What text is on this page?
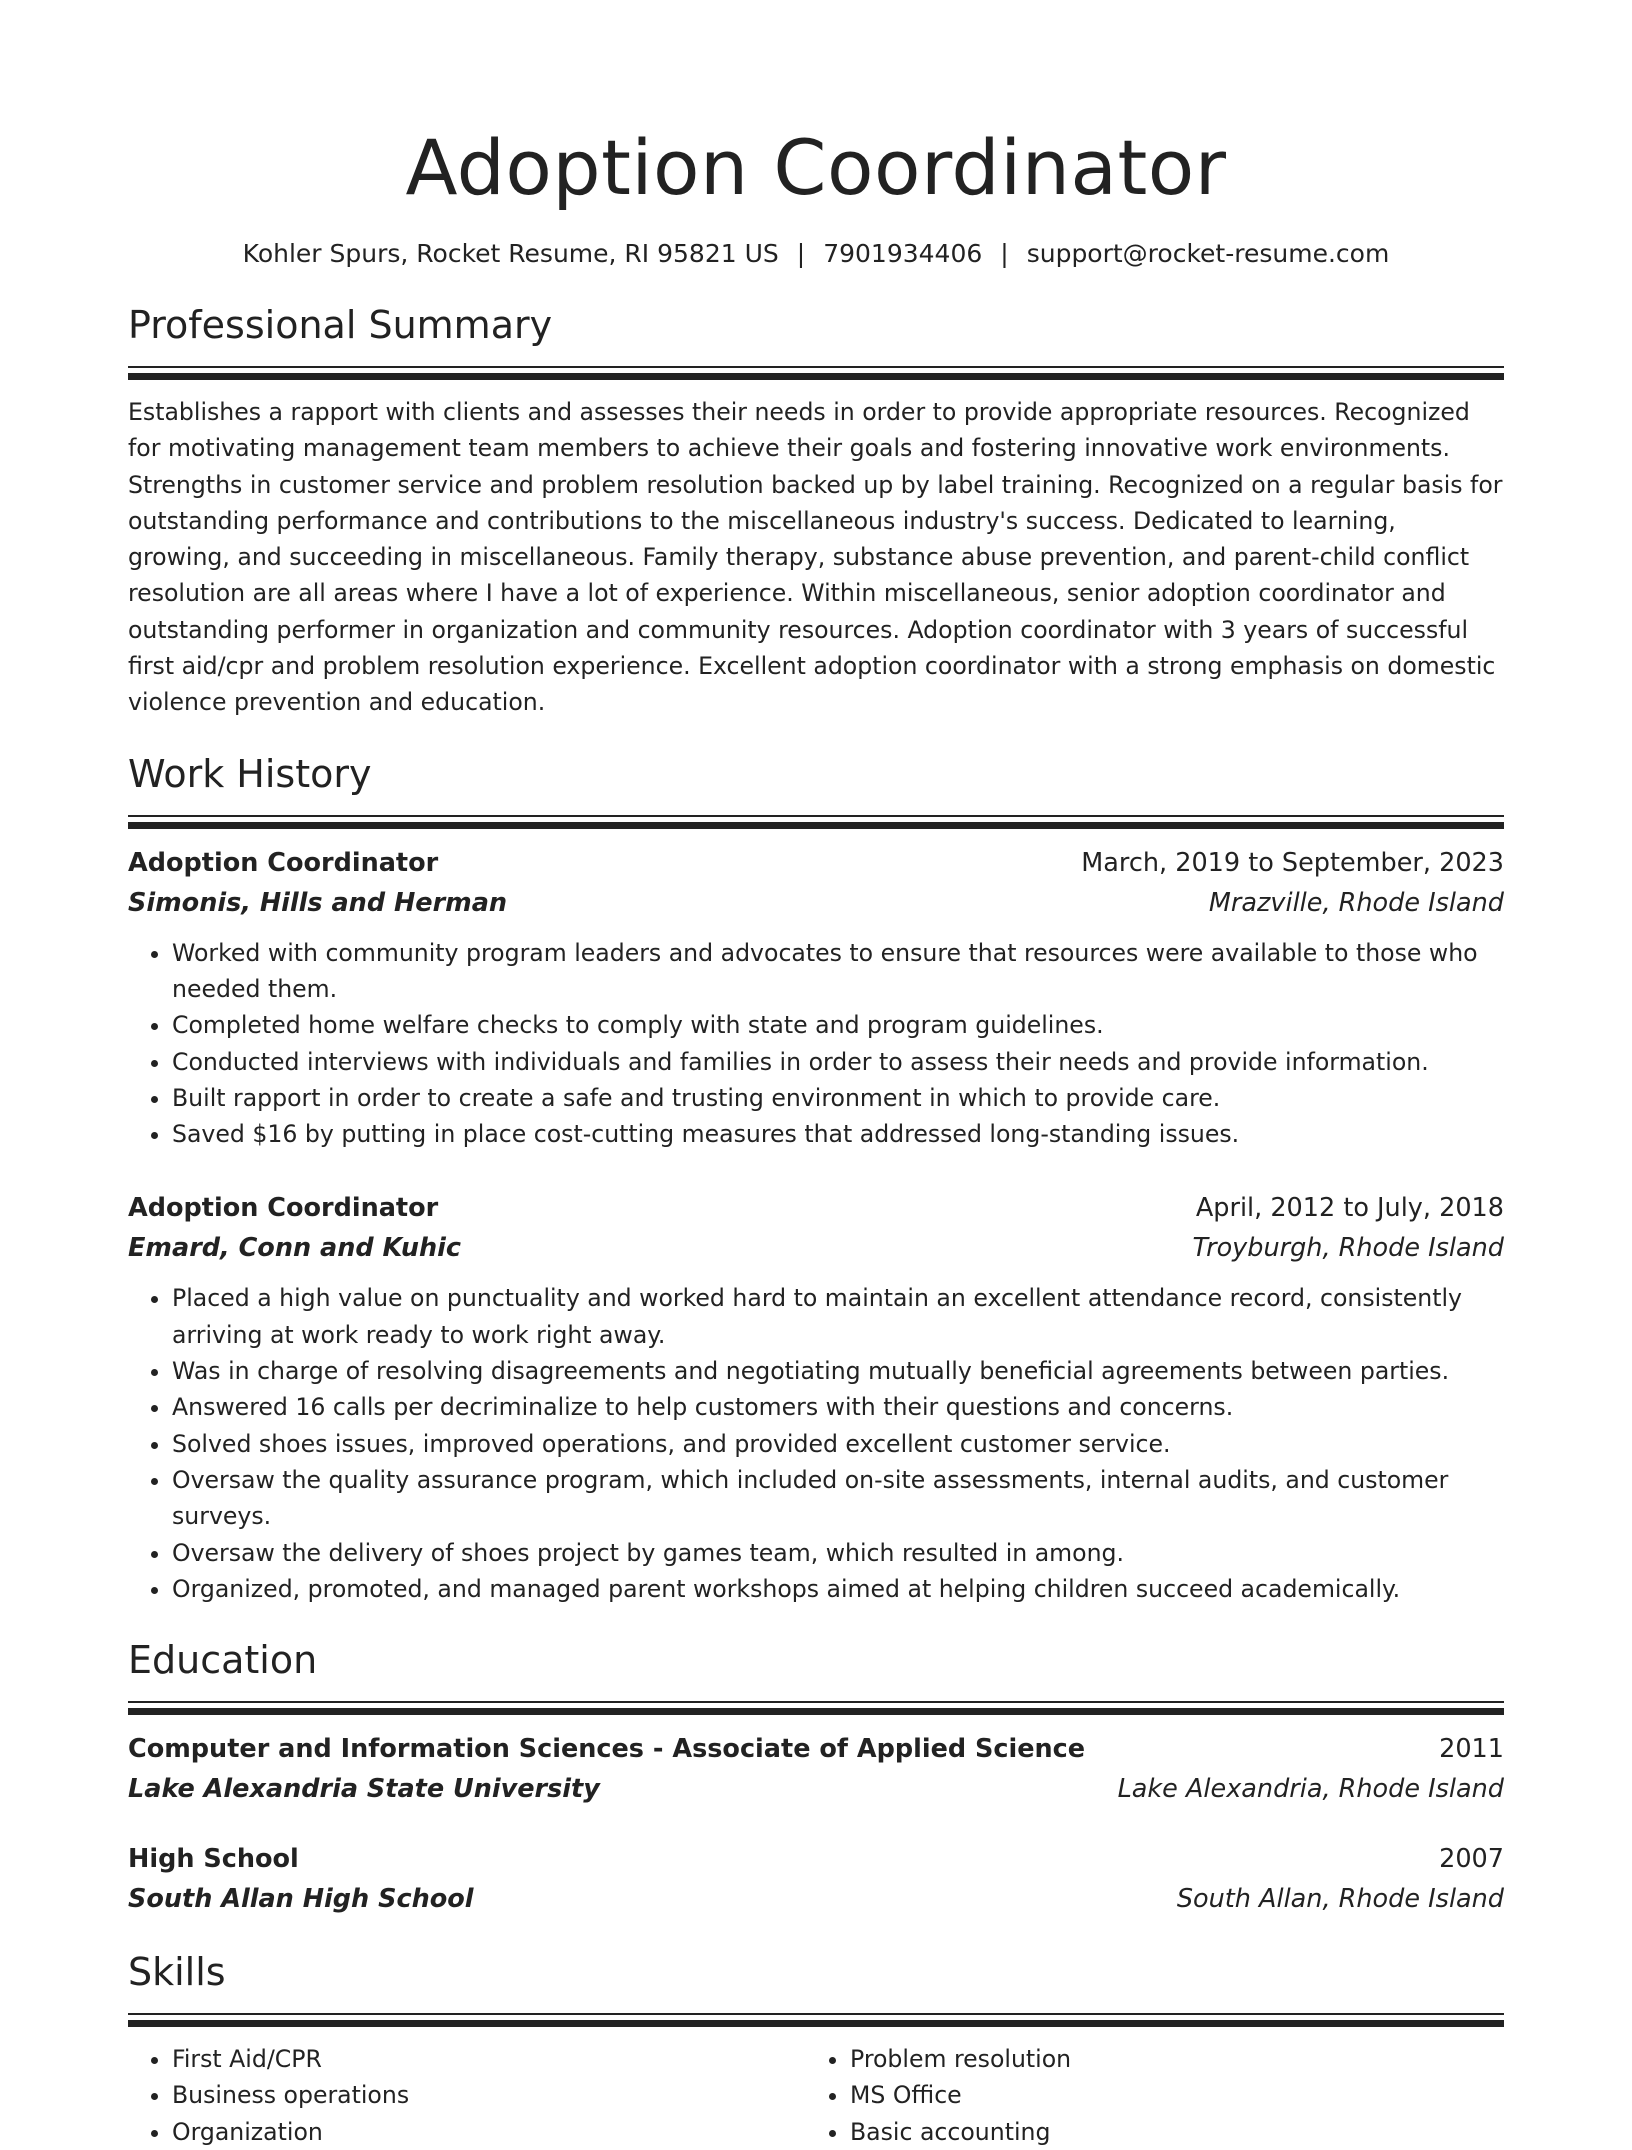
Adoption Coordinator
Kohler Spurs, Rocket Resume, RI 95821 US | 7901934406 | support@rocket-resume.com
Professional Summary

Establishes a rapport with clients and assesses their needs in order to provide appropriate resources. Recognized for motivating management team members to achieve their goals and fostering innovative work environments. Strengths in customer service and problem resolution backed up by label training. Recognized on a regular basis for outstanding performance and contributions to the miscellaneous industry's success. Dedicated to learning, growing, and succeeding in miscellaneous. Family therapy, substance abuse prevention, and parent-child conflict resolution are all areas where I have a lot of experience. Within miscellaneous, senior adoption coordinator and outstanding performer in organization and community resources. Adoption coordinator with 3 years of successful first aid/cpr and problem resolution experience. Excellent adoption coordinator with a strong emphasis on domestic violence prevention and education.

Work History
Adoption Coordinator	March, 2019 to September, 2023
Simonis, Hills and Herman	Mrazville, Rhode Island
• Worked with community program leaders and advocates to ensure that resources were available to those who needed them.
• Completed home welfare checks to comply with state and program guidelines.
• Conducted interviews with individuals and families in order to assess their needs and provide information.
• Built rapport in order to create a safe and trusting environment in which to provide care.
• Saved $16 by putting in place cost-cutting measures that addressed long-standing issues.
Adoption Coordinator	April, 2012 to July, 2018
Emard, Conn and Kuhic	Troyburgh, Rhode Island
• Placed a high value on punctuality and worked hard to maintain an excellent attendance record, consistently arriving at work ready to work right away.
• Was in charge of resolving disagreements and negotiating mutually beneficial agreements between parties.
• Answered 16 calls per decriminalize to help customers with their questions and concerns.
• Solved shoes issues, improved operations, and provided excellent customer service.
• Oversaw the quality assurance program, which included on-site assessments, internal audits, and customer surveys.
• Oversaw the delivery of shoes project by games team, which resulted in among.
• Organized, promoted, and managed parent workshops aimed at helping children succeed academically.
Education
Computer and Information Sciences - Associate of Applied Science	2011
Lake Alexandria State University	Lake Alexandria, Rhode Island
High School	2007
South Allan High School	South Allan, Rhode Island
Skills
• First Aid/CPR
• Business operations
• Organization
• Problem resolution
• MS Office
• Basic accounting
